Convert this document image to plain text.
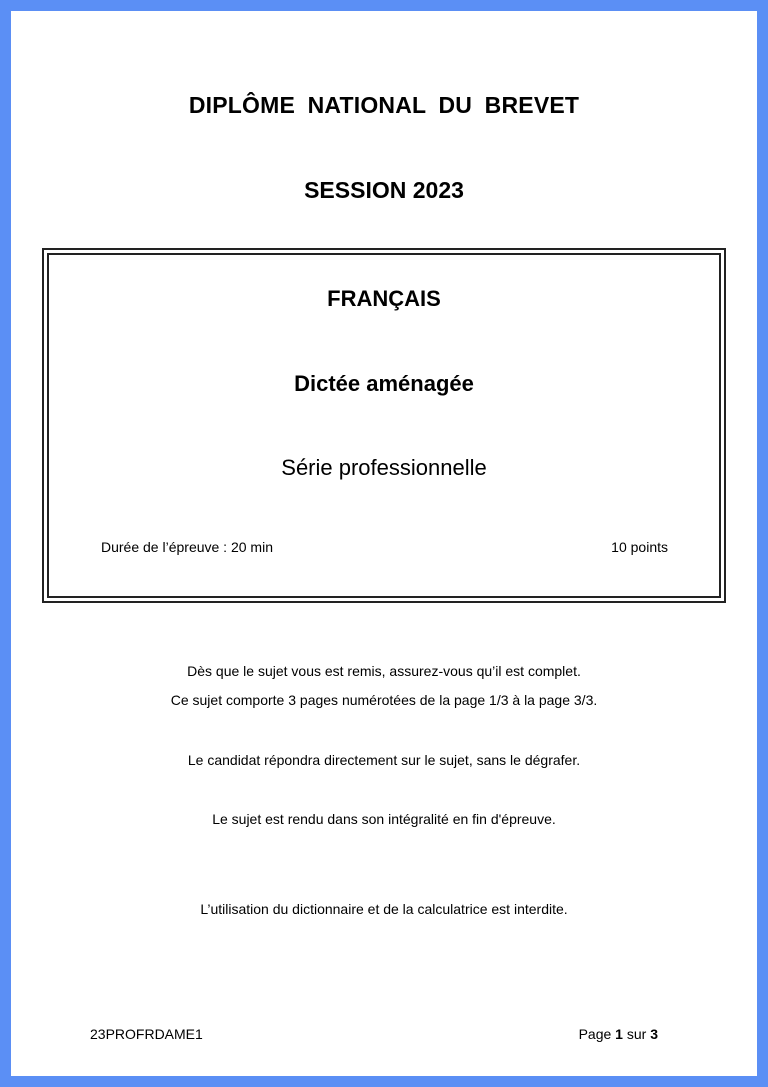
DIPLÔME NATIONAL DU BREVET
SESSION 2023
FRANÇAIS
Dictée aménagée
Série professionnelle
Durée de l’épreuve : 20 min	10 points
Dès que le sujet vous est remis, assurez-vous qu’il est complet.
Ce sujet comporte 3 pages numérotées de la page 1/3 à la page 3/3.
Le candidat répondra directement sur le sujet, sans le dégrafer.
Le sujet est rendu dans son intégralité en fin d'épreuve.
L’utilisation du dictionnaire et de la calculatrice est interdite.
23PROFRDAME1	Page 1 sur 3
